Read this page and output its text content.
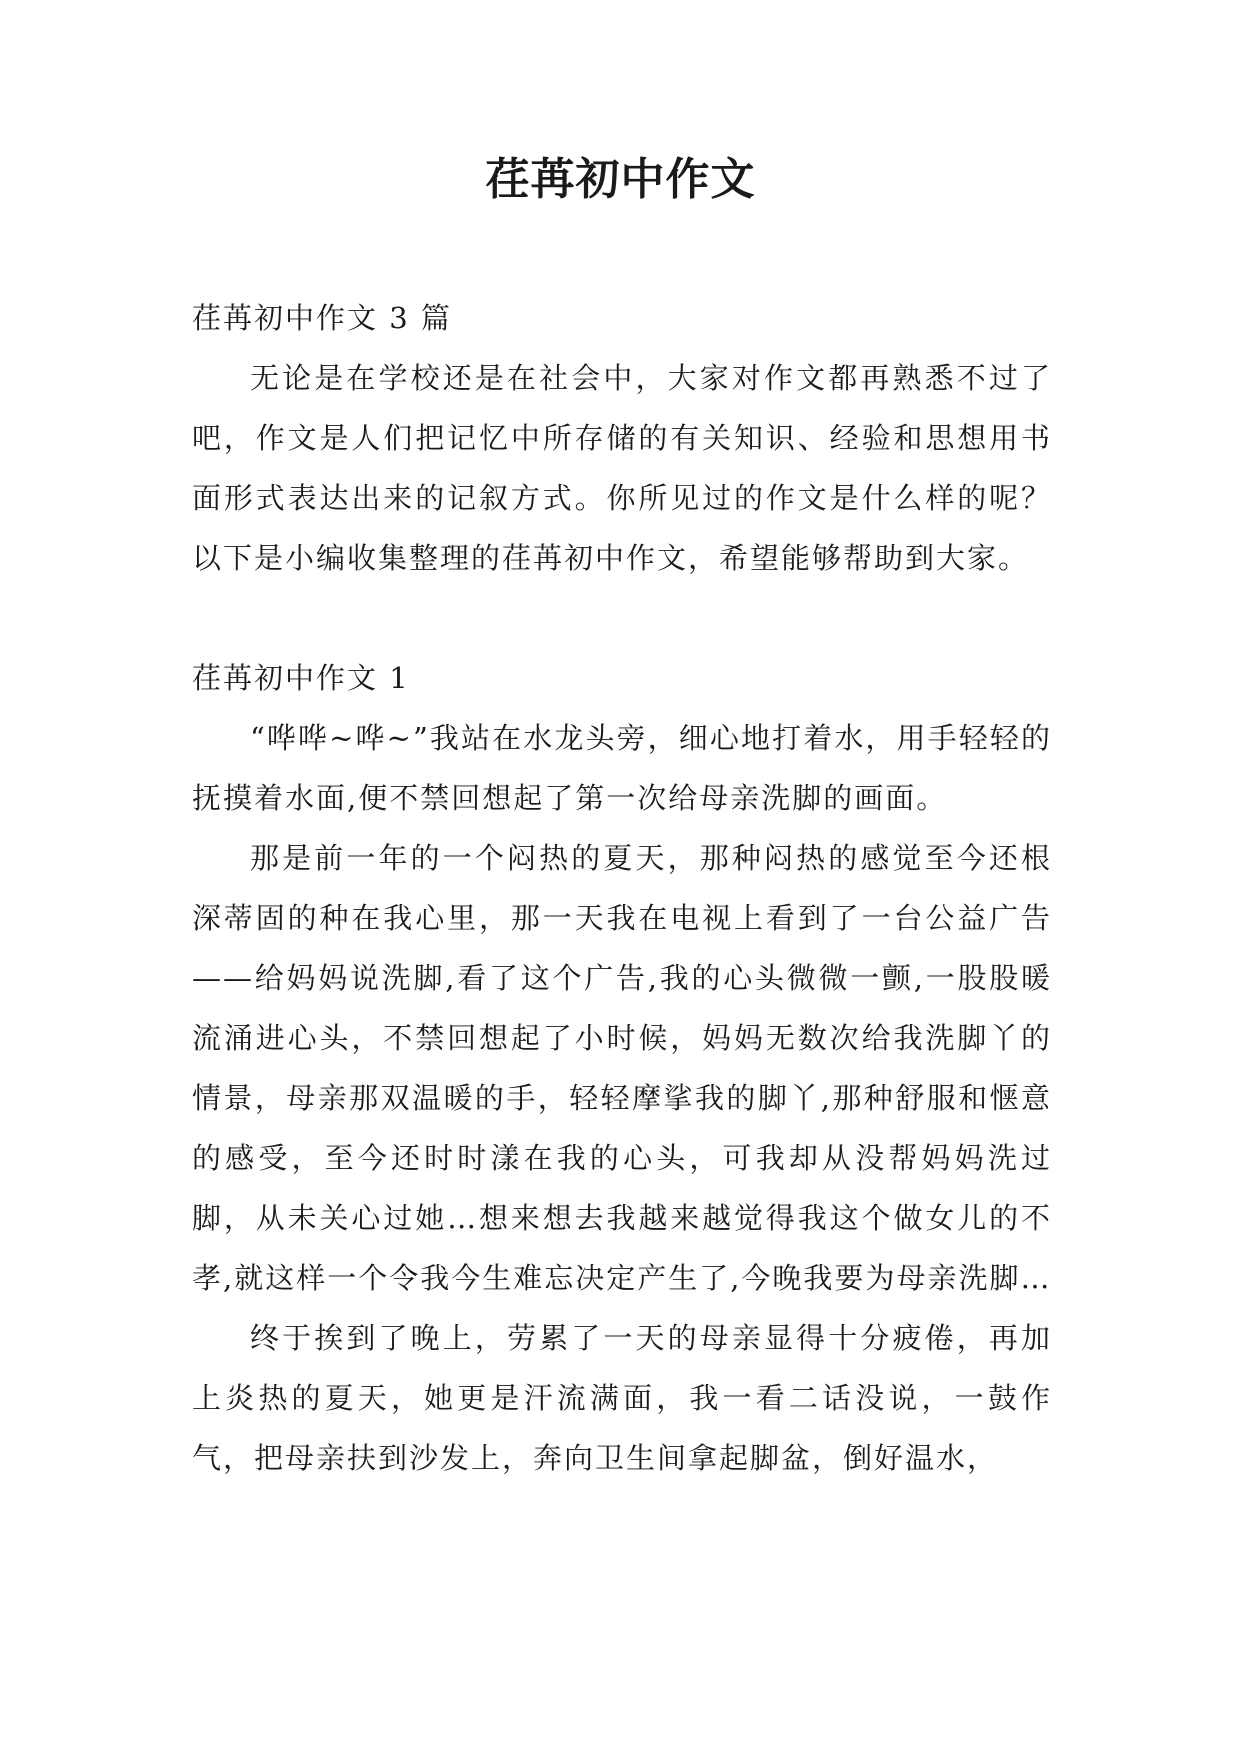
荏苒初中作文

荏苒初中作文 3 篇

无论是在学校还是在社会中，大家对作文都再熟悉不过了吧，作文是人们把记忆中所存储的有关知识、经验和思想用书面形式表达出来的记叙方式。你所见过的作文是什么样的呢？以下是小编收集整理的荏苒初中作文，希望能够帮助到大家。

荏苒初中作文 1

“哗哗~哗~”我站在水龙头旁，细心地打着水，用手轻轻的抚摸着水面,便不禁回想起了第一次给母亲洗脚的画面。

那是前一年的一个闷热的夏天，那种闷热的感觉至今还根深蒂固的种在我心里，那一天我在电视上看到了一台公益广告——给妈妈说洗脚,看了这个广告,我的心头微微一颤,一股股暖流涌进心头，不禁回想起了小时候，妈妈无数次给我洗脚丫的情景，母亲那双温暖的手，轻轻摩挲我的脚丫,那种舒服和惬意的感受，至今还时时漾在我的心头，可我却从没帮妈妈洗过脚，从未关心过她…想来想去我越来越觉得我这个做女儿的不孝,就这样一个令我今生难忘决定产生了,今晚我要为母亲洗脚…

终于挨到了晚上，劳累了一天的母亲显得十分疲倦，再加上炎热的夏天，她更是汗流满面，我一看二话没说，一鼓作气，把母亲扶到沙发上，奔向卫生间拿起脚盆，倒好温水，
